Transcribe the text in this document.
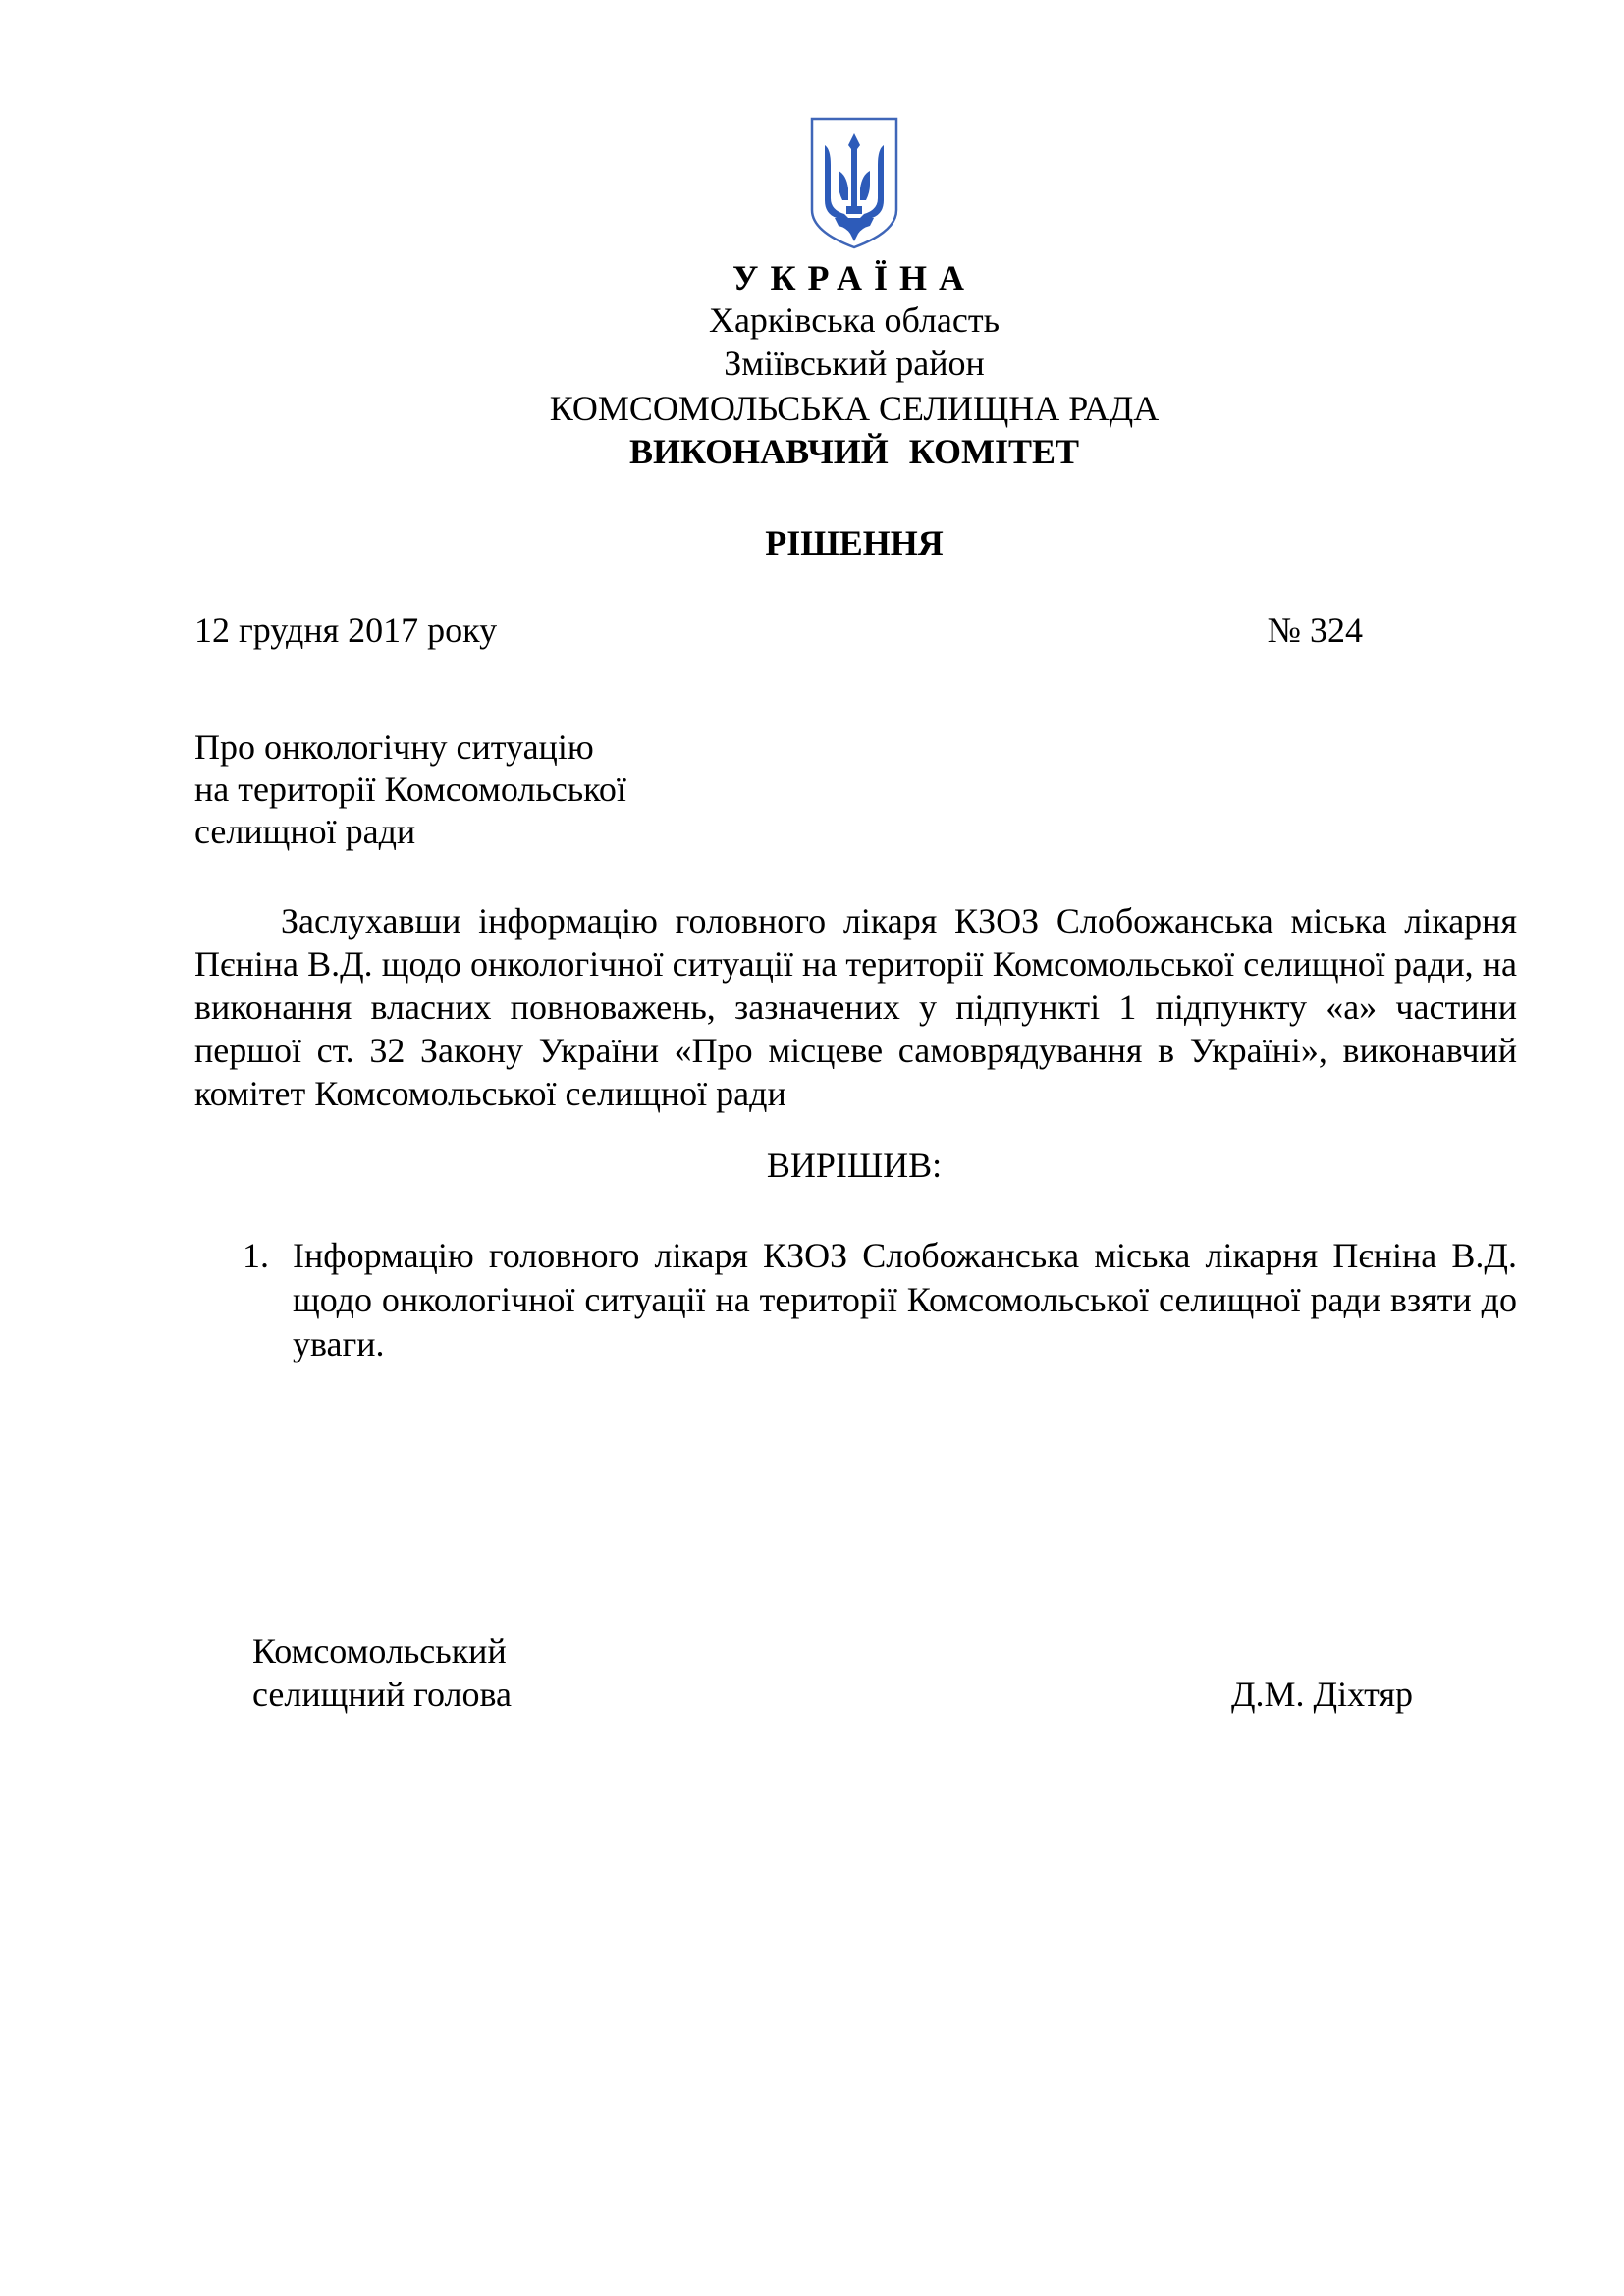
УКРАЇНА
Харківська область
Зміївський район
КОМСОМОЛЬСЬКА СЕЛИЩНА РАДА
ВИКОНАВЧИЙ КОМІТЕТ
РІШЕННЯ
12 грудня 2017 року	№ 324
Про онкологічну ситуацію
на території Комсомольської
селищної ради

Заслухавши інформацію головного лікаря КЗОЗ Слобожанська міська лікарня Пєніна В.Д. щодо онкологічної ситуації на території Комсомольської селищної ради, на виконання власних повноважень, зазначених у підпункті 1 підпункту «а» частини першої ст. 32 Закону України «Про місцеве самоврядування в Україні», виконавчий комітет Комсомольської селищної ради

ВИРІШИВ:
1. Інформацію головного лікаря КЗОЗ Слобожанська міська лікарня Пєніна В.Д. щодо онкологічної ситуації на території Комсомольської селищної ради взяти до уваги.
Комсомольський
селищний голова	Д.М. Діхтяр
